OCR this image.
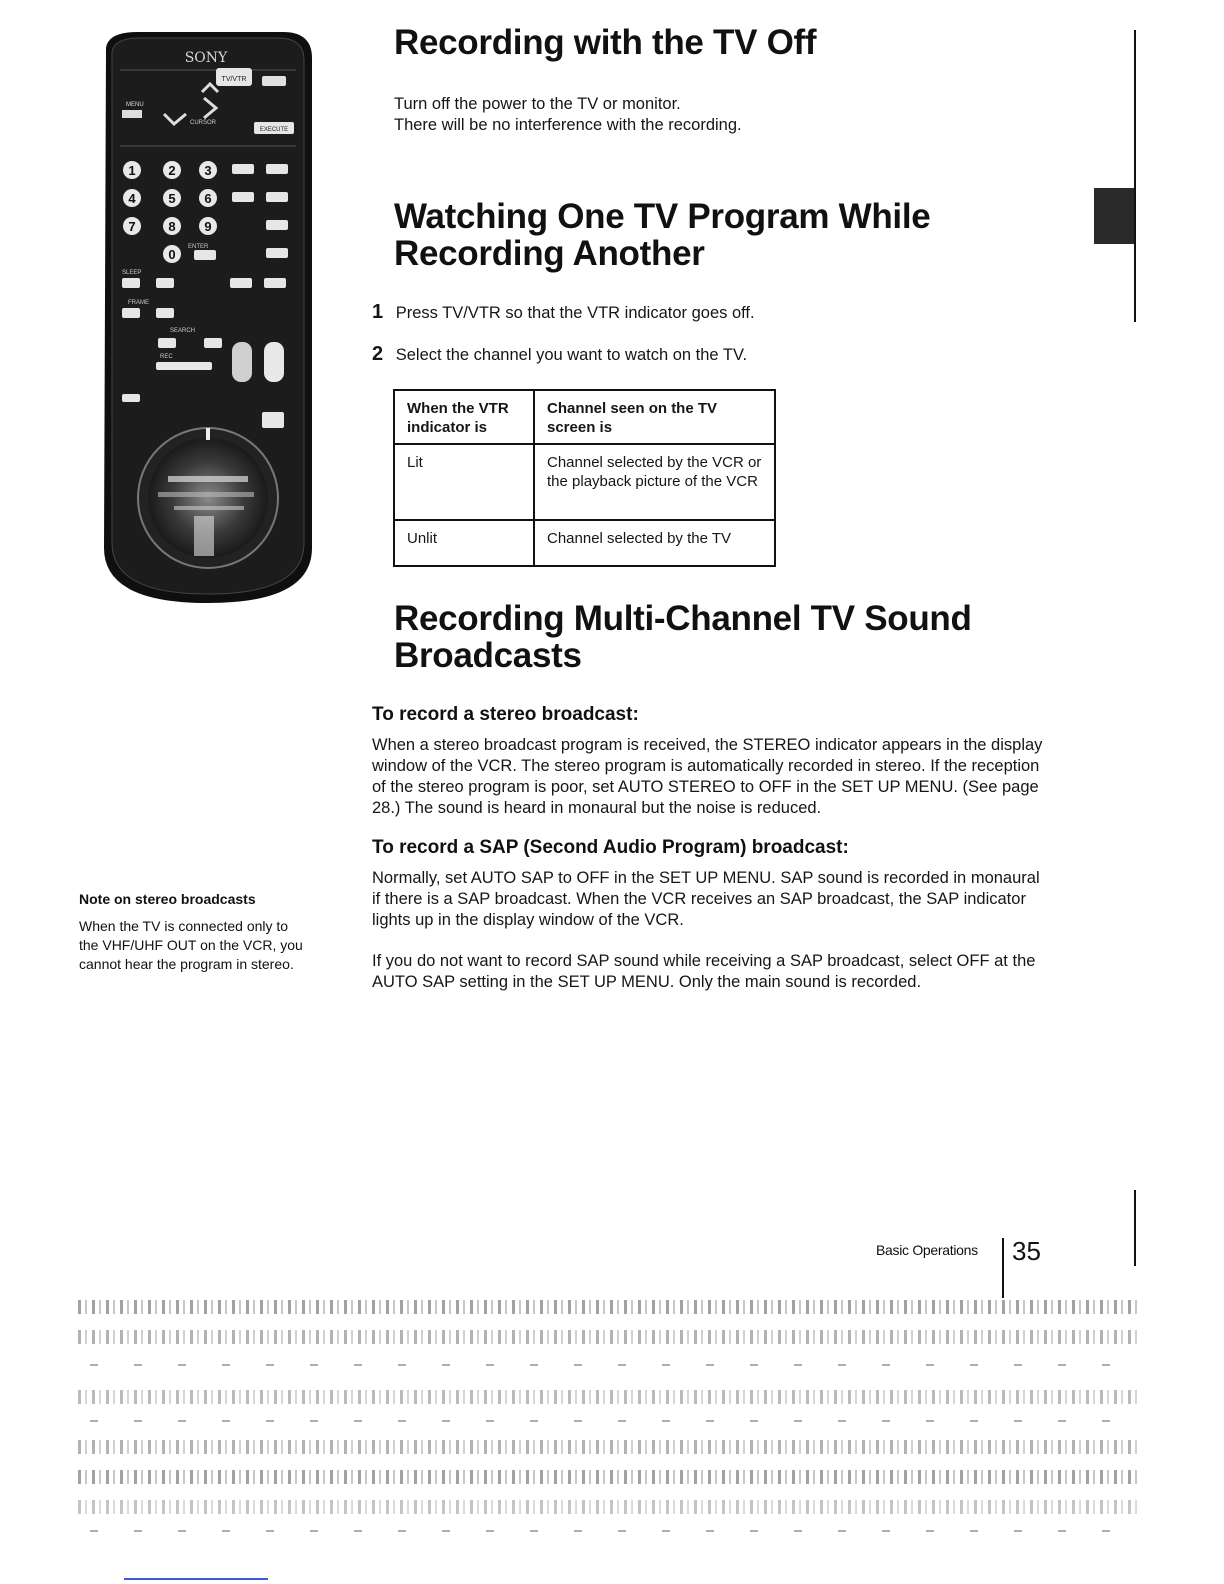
SONY
TV/VTR
MENU
CURSOR
EXECUTE
1	2 3
4	5 6
7	8 9
0 ENTER
SLEEP
FRAME
SEARCH
REC
Recording with the TV Off
Turn off the power to the TV or monitor.
There will be no interference with the recording.
Watching One TV Program While
Recording Another
1 Press TV/VTR so that the VTR indicator goes off.
2 Select the channel you want to watch on the TV.
When the VTR indicator is	Channel seen on the TV screen is
Lit	Channel selected by the VCR or the playback picture of the VCR
Unlit	Channel selected by the TV
Recording Multi-Channel TV Sound
Broadcasts
To record a stereo broadcast:
When a stereo broadcast program is received, the STEREO indicator appears in the display window of the VCR. The stereo program is automatically recorded in stereo. If the reception of the stereo program is poor, set AUTO STEREO to OFF in the SET UP MENU. (See page 28.) The sound is heard in monaural but the noise is reduced.
To record a SAP (Second Audio Program) broadcast:
Normally, set AUTO SAP to OFF in the SET UP MENU. SAP sound is recorded in monaural if there is a SAP broadcast. When the VCR receives an SAP broadcast, the SAP indicator lights up in the display window of the VCR.
If you do not want to record SAP sound while receiving a SAP broadcast, select OFF at the AUTO SAP setting in the SET UP MENU. Only the main sound is recorded.
Note on stereo broadcasts
When the TV is connected only to the VHF/UHF OUT on the VCR, you cannot hear the program in stereo.
Basic Operations 35
